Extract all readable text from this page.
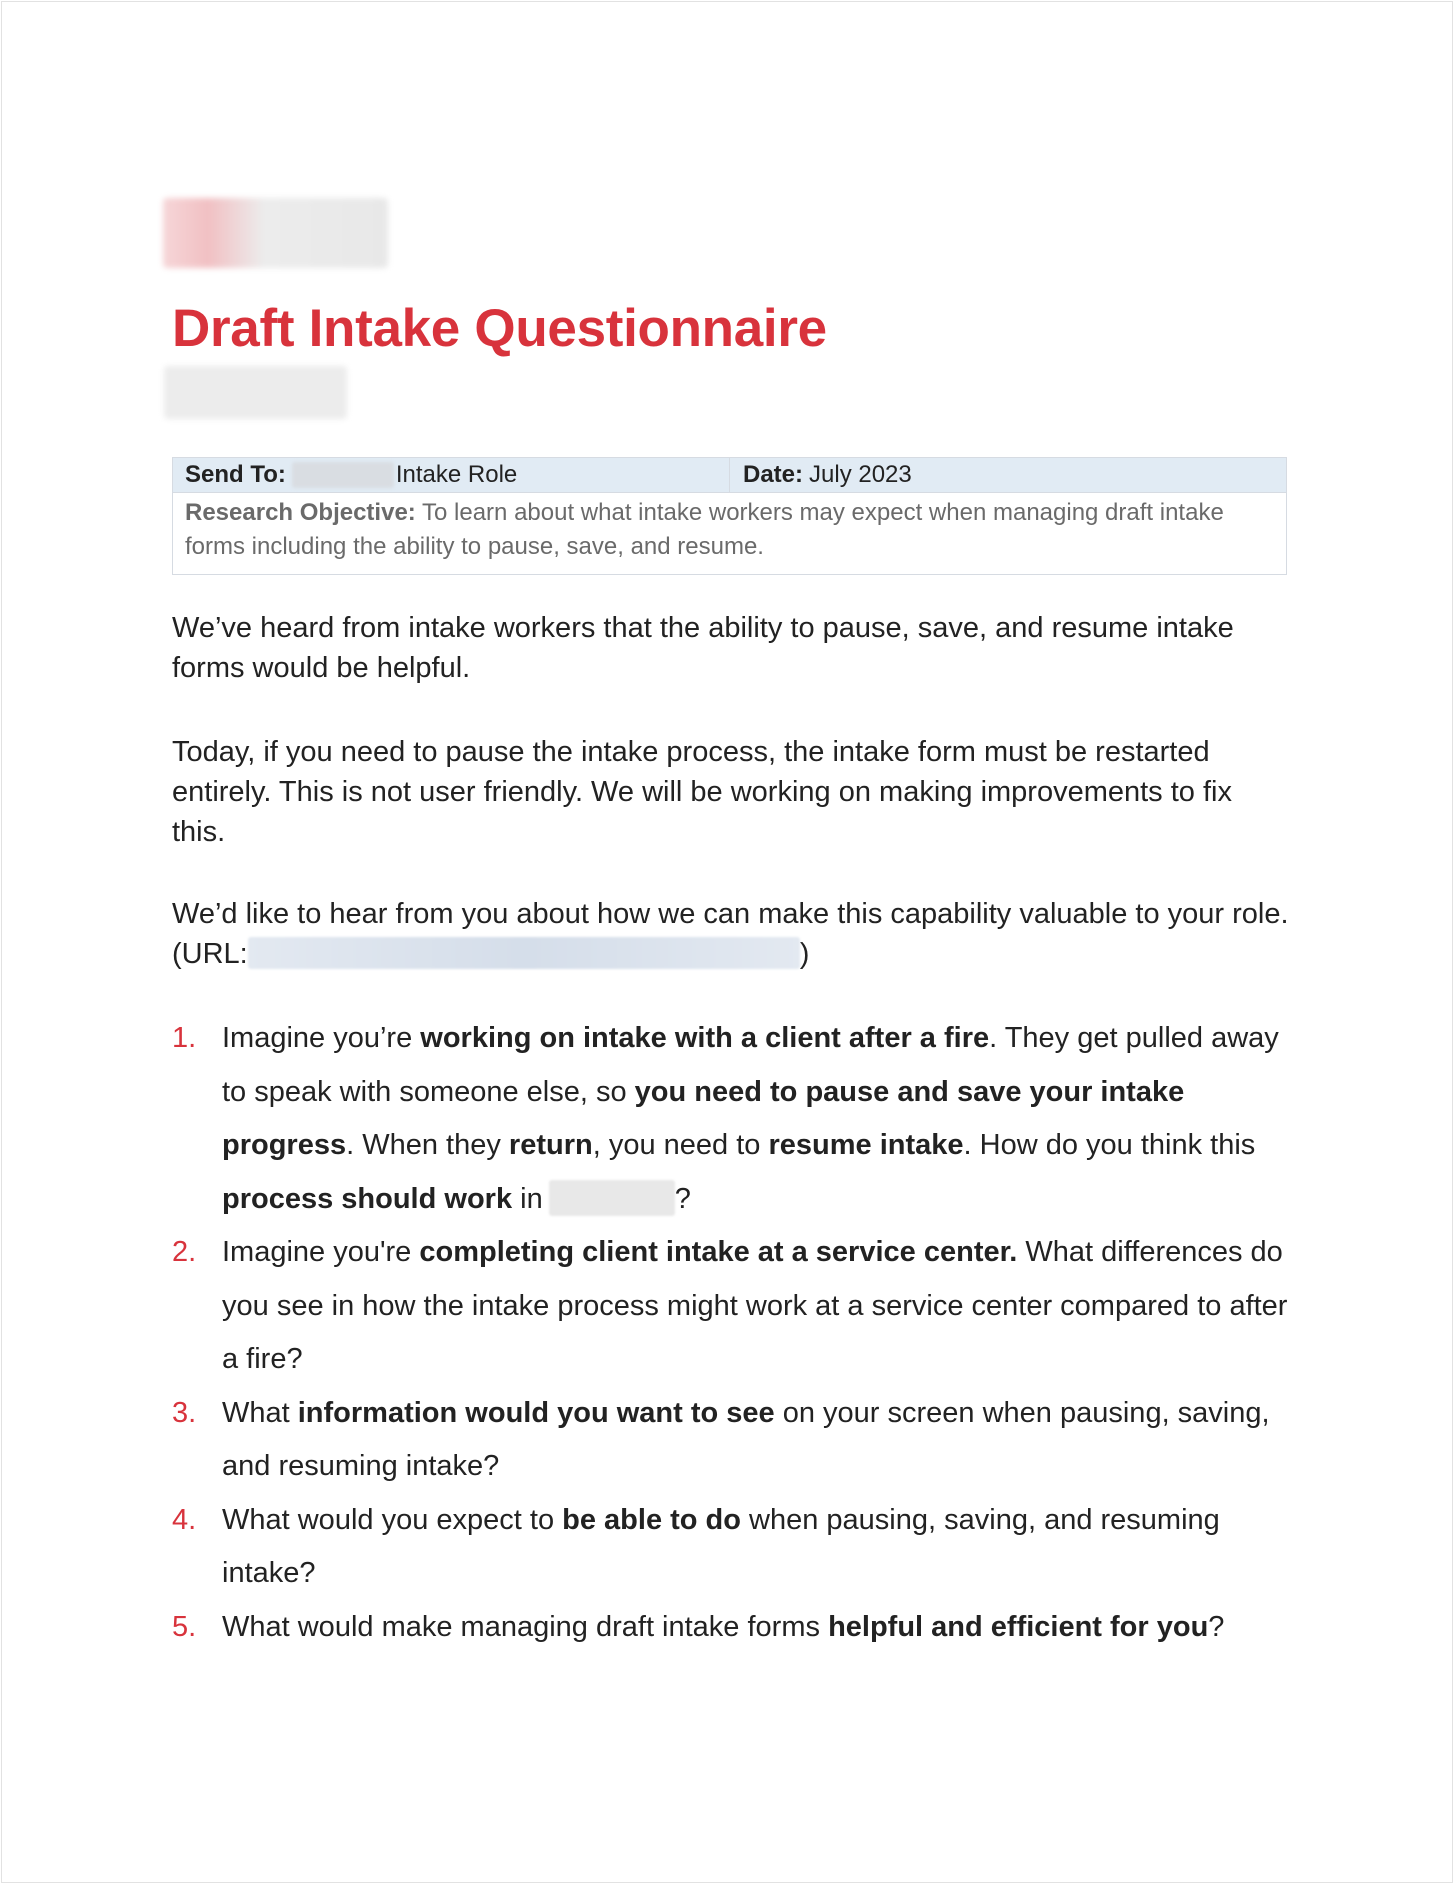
Draft Intake Questionnaire
Send To:	Intake Role	Date: July 2023
Research Objective: To learn about what intake workers may expect when managing draft intake forms including the ability to pause, save, and resume.

We’ve heard from intake workers that the ability to pause, save, and resume intake forms would be helpful.

Today, if you need to pause the intake process, the intake form must be restarted entirely. This is not user friendly. We will be working on making improvements to fix this.

We’d like to hear from you about how we can make this capability valuable to your role. (URL:	)

1. Imagine you’re working on intake with a client after a fire. They get pulled away to speak with someone else, so you need to pause and save your intake progress. When they return, you need to resume intake. How do you think this process should work in	?
2. Imagine you're completing client intake at a service center. What differences do you see in how the intake process might work at a service center compared to after a fire?
3. What information would you want to see on your screen when pausing, saving, and resuming intake?
4. What would you expect to be able to do when pausing, saving, and resuming intake?
5. What would make managing draft intake forms helpful and efficient for you?
